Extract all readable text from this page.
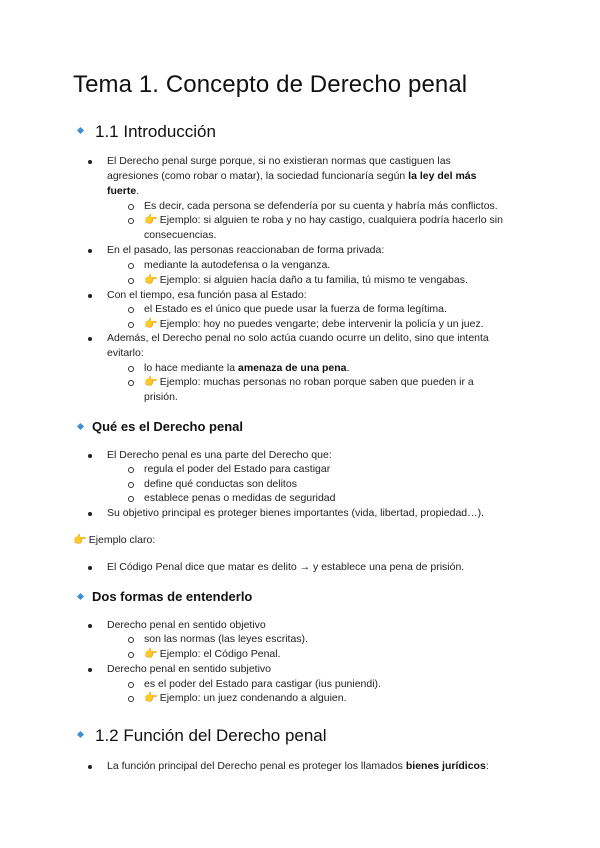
Tema 1. Concepto de Derecho penal
1.1 Introducción
El Derecho penal surge porque, si no existieran normas que castiguen las
agresiones (como robar o matar), la sociedad funcionaría según la ley del más
fuerte.
Es decir, cada persona se defendería por su cuenta y habría más conflictos.
👉 Ejemplo: si alguien te roba y no hay castigo, cualquiera podría hacerlo sin
consecuencias.
En el pasado, las personas reaccionaban de forma privada:
mediante la autodefensa o la venganza.
👉 Ejemplo: si alguien hacía daño a tu familia, tú mismo te vengabas.
Con el tiempo, esa función pasa al Estado:
el Estado es el único que puede usar la fuerza de forma legítima.
👉 Ejemplo: hoy no puedes vengarte; debe intervenir la policía y un juez.
Además, el Derecho penal no solo actúa cuando ocurre un delito, sino que intenta
evitarlo:
lo hace mediante la amenaza de una pena.
👉 Ejemplo: muchas personas no roban porque saben que pueden ir a
prisión.
Qué es el Derecho penal
El Derecho penal es una parte del Derecho que:
regula el poder del Estado para castigar
define qué conductas son delitos
establece penas o medidas de seguridad
Su objetivo principal es proteger bienes importantes (vida, libertad, propiedad…).
👉 Ejemplo claro:
El Código Penal dice que matar es delito → y establece una pena de prisión.
Dos formas de entenderlo
Derecho penal en sentido objetivo
son las normas (las leyes escritas).
👉 Ejemplo: el Código Penal.
Derecho penal en sentido subjetivo
es el poder del Estado para castigar (ius puniendi).
👉 Ejemplo: un juez condenando a alguien.
1.2 Función del Derecho penal
La función principal del Derecho penal es proteger los llamados bienes jurídicos:
